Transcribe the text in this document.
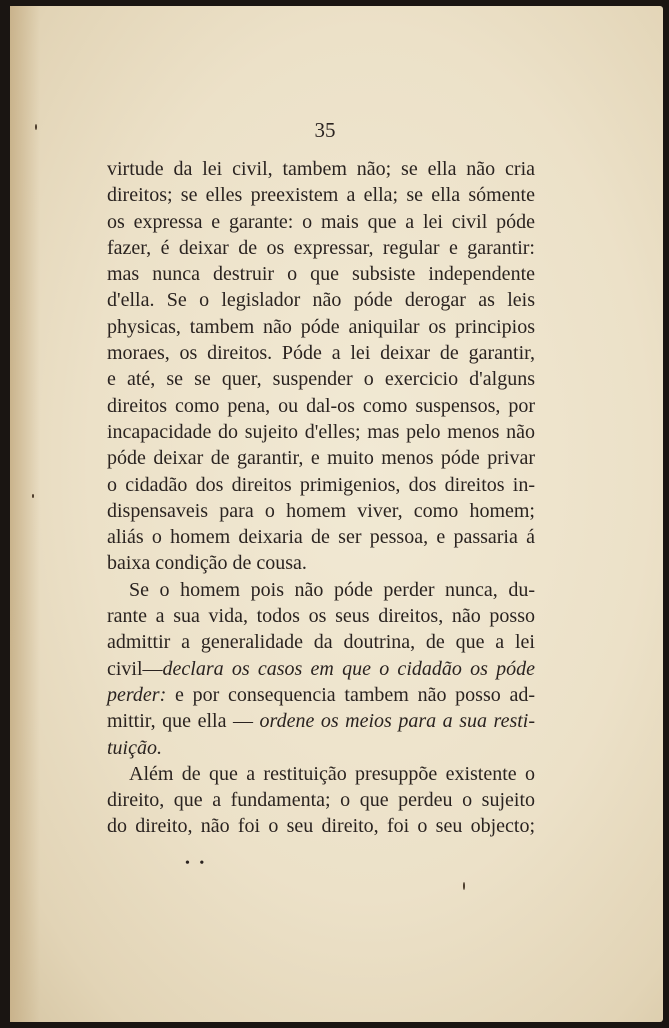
35
virtude da lei civil, tambem não; se ella não cria
direitos; se elles preexistem a ella; se ella sómente
os expressa e garante: o mais que a lei civil póde
fazer, é deixar de os expressar, regular e garantir:
mas nunca destruir o que subsiste independente
d'ella. Se o legislador não póde derogar as leis
physicas, tambem não póde aniquilar os principios
moraes, os direitos. Póde a lei deixar de garantir,
e até, se se quer, suspender o exercicio d'alguns
direitos como pena, ou dal-os como suspensos, por
incapacidade do sujeito d'elles; mas pelo menos não
póde deixar de garantir, e muito menos póde privar
o cidadão dos direitos primigenios, dos direitos in-
dispensaveis para o homem viver, como homem;
aliás o homem deixaria de ser pessoa, e passaria á
baixa condição de cousa.
Se o homem pois não póde perder nunca, du-
rante a sua vida, todos os seus direitos, não posso
admittir a generalidade da doutrina, de que a lei
civil—declara os casos em que o cidadão os póde
perder: e por consequencia tambem não posso ad-
mittir, que ella — ordene os meios para a sua resti-
tuição.
Além de que a restituição presuppõe existente o
direito, que a fundamenta; o que perdeu o sujeito
do direito, não foi o seu direito, foi o seu objecto;
• •
